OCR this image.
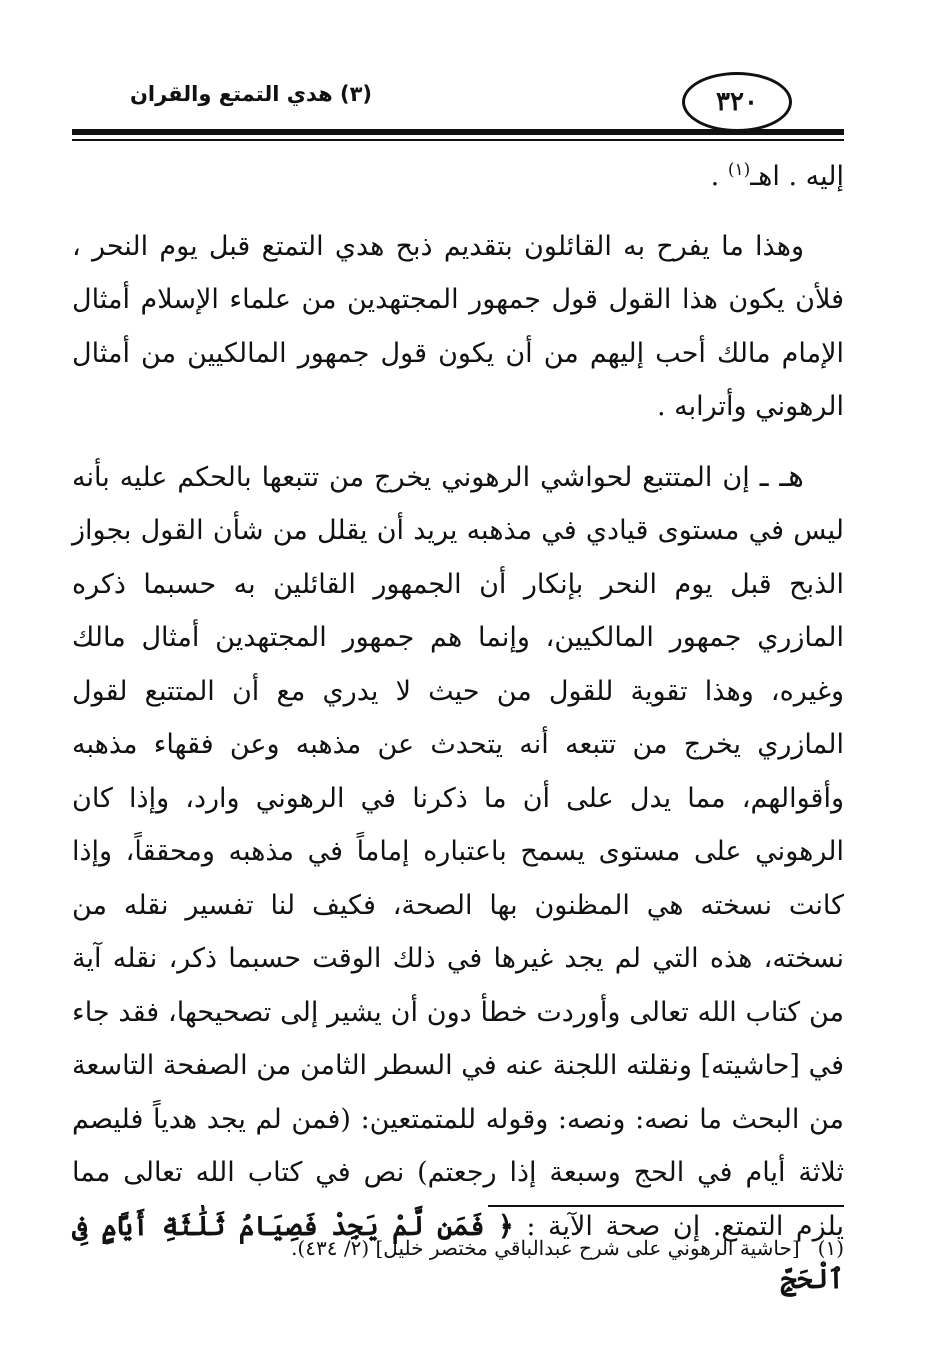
٣٢٠
(٣) هدي التمتع والقران

إليه . اهـ$^{(١)}$ .

وهذا ما يفرح به القائلون بتقديم ذبح هدي التمتع قبل يوم النحر ، فلأن يكون هذا القول قول جمهور المجتهدين من علماء الإسلام أمثال الإمام مالك أحب إليهم من أن يكون قول جمهور المالكيين من أمثال الرهوني وأترابه .

هـ ـ إن المتتبع لحواشي الرهوني يخرج من تتبعها بالحكم عليه بأنه ليس في مستوى قيادي في مذهبه يريد أن يقلل من شأن القول بجواز الذبح قبل يوم النحر بإنكار أن الجمهور القائلين به حسبما ذكره المازري جمهور المالكيين، وإنما هم جمهور المجتهدين أمثال مالك وغيره، وهذا تقوية للقول من حيث لا يدري مع أن المتتبع لقول المازري يخرج من تتبعه أنه يتحدث عن مذهبه وعن فقهاء مذهبه وأقوالهم، مما يدل على أن ما ذكرنا في الرهوني وارد، وإذا كان الرهوني على مستوى يسمح باعتباره إماماً في مذهبه ومحققاً، وإذا كانت نسخته هي المظنون بها الصحة، فكيف لنا تفسير نقله من نسخته، هذه التي لم يجد غيرها في ذلك الوقت حسبما ذكر، نقله آية من كتاب الله تعالى وأوردت خطأ دون أن يشير إلى تصحيحها، فقد جاء في [حاشيته] ونقلته اللجنة عنه في السطر الثامن من الصفحة التاسعة من البحث ما نصه: ونصه: وقوله للمتمتعين: (فمن لم يجد هدياً فليصم ثلاثة أيام في الحج وسبعة إذا رجعتم) نص في كتاب الله تعالى مما يلزم التمتع. إن صحة الآية : ﴿ فَمَن لَّمْ يَجِدْ فَصِيَامُ ثَلَٰثَةِ أَيَّامٍ فِى ٱلْحَجِّ

(١)[حاشية الرهوني على شرح عبدالباقي مختصر خليل] (٢/ ٤٣٤).
